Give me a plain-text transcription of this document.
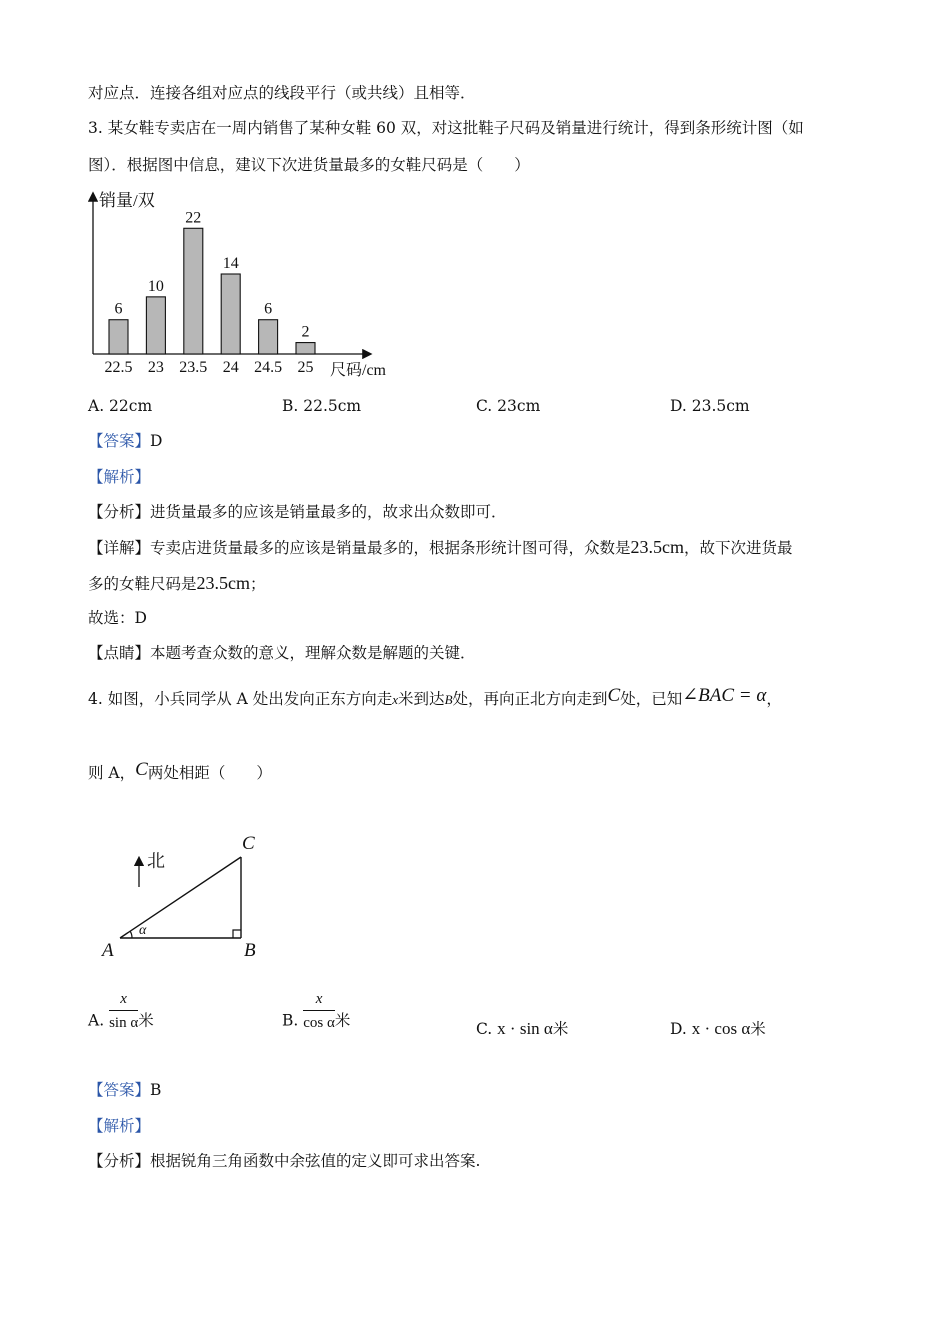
对应点．连接各组对应点的线段平行（或共线）且相等．
3. 某女鞋专卖店在一周内销售了某种女鞋 60 双，对这批鞋子尺码及销量进行统计，得到条形统计图（如
图）．根据图中信息，建议下次进货量最多的女鞋尺码是（　　）
销量/双
尺码/cm
6
22.5
10
23
22
23.5
14
24
6
24.5
2
25
A. 22cm	B. 22.5cm	C. 23cm	D. 23.5cm
【答案】D
【解析】
【分析】进货量最多的应该是销量最多的，故求出众数即可．
【详解】专卖店进货量最多的应该是销量最多的，根据条形统计图可得，众数是23.5cm，故下次进货最
多的女鞋尺码是23.5cm；
故选：D
【点睛】本题考查众数的意义，理解众数是解题的关键．
4. 如图，小兵同学从 A 处出发向正东方向走x米到达B处，再向正北方向走到C处，已知∠BAC = α，
则 A，C两处相距（　　）
北
A	B
C
α
A. $\frac{x}{\text{sin α}}$ 米	B. $\frac{x}{\text{cos α}}$ 米	C. x · sin α米	D. x · cos α米
【答案】B
【解析】
【分析】根据锐角三角函数中余弦值的定义即可求出答案.
